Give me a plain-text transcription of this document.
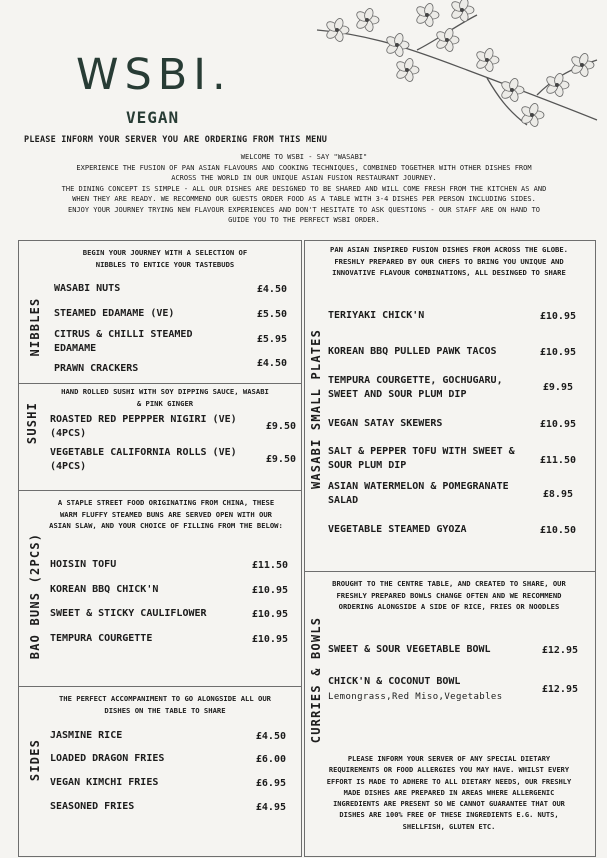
WSBI.
VEGAN
PLEASE INFORM YOUR SERVER YOU ARE ORDERING FROM THIS MENU
WELCOME TO WSBI - SAY "WASABI"
EXPERIENCE THE FUSION OF PAN ASIAN FLAVOURS AND COOKING TECHNIQUES, COMBINED TOGETHER WITH OTHER DISHES FROM
ACROSS THE WORLD IN OUR UNIQUE ASIAN FUSION RESTAURANT JOURNEY.
THE DINING CONCEPT IS SIMPLE - ALL OUR DISHES ARE DESIGNED TO BE SHARED AND WILL COME FRESH FROM THE KITCHEN AS AND
WHEN THEY ARE READY. WE RECOMMEND OUR GUESTS ORDER FOOD AS A TABLE WITH 3-4 DISHES PER PERSON INCLUDING SIDES.
ENJOY YOUR JOURNEY TRYING NEW FLAVOUR EXPERIENCES AND DON'T HESITATE TO ASK QUESTIONS - OUR STAFF ARE ON HAND TO
GUIDE YOU TO THE PERFECT WSBI ORDER.
NIBBLES
SUSHI
BAO BUNS (2PCS)
SIDES
WASABI SMALL PLATES
CURRIES & BOWLS
BEGIN YOUR JOURNEY WITH A SELECTION OF
NIBBLES TO ENTICE YOUR TASTEBUDS
HAND ROLLED SUSHI WITH SOY DIPPING SAUCE, WASABI
& PINK GINGER
A STAPLE STREET FOOD ORIGINATING FROM CHINA, THESE
WARM FLUFFY STEAMED BUNS ARE SERVED OPEN WITH OUR
ASIAN SLAW, AND YOUR CHOICE OF FILLING FROM THE BELOW:
THE PERFECT ACCOMPANIMENT TO GO ALONGSIDE ALL OUR
DISHES ON THE TABLE TO SHARE
PAN ASIAN INSPIRED FUSION DISHES FROM ACROSS THE GLOBE.
FRESHLY PREPARED BY OUR CHEFS TO BRING YOU UNIQUE AND
INNOVATIVE FLAVOUR COMBINATIONS, ALL DESINGED TO SHARE
BROUGHT TO THE CENTRE TABLE, AND CREATED TO SHARE, OUR
FRESHLY PREPARED BOWLS CHANGE OFTEN AND WE RECOMMEND
ORDERING ALONGSIDE A SIDE OF RICE, FRIES OR NOODLES
WASABI NUTS	£4.50
STEAMED EDAMAME (VE)	£5.50
CITRUS & CHILLI STEAMED
EDAMAME
£5.95
PRAWN CRACKERS	£4.50
ROASTED RED PEPPPER NIGIRI (VE)
(4PCS)
£9.50
VEGETABLE CALIFORNIA ROLLS (VE)
(4PCS)
£9.50
HOISIN TOFU	£11.50
KOREAN BBQ CHICK'N	£10.95
SWEET & STICKY CAULIFLOWER	£10.95
TEMPURA COURGETTE	£10.95
JASMINE RICE	£4.50
LOADED DRAGON FRIES	£6.00
VEGAN KIMCHI FRIES	£6.95
SEASONED FRIES	£4.95
TERIYAKI CHICK'N	£10.95
KOREAN BBQ PULLED PAWK TACOS	£10.95
TEMPURA COURGETTE, GOCHUGARU,
SWEET AND SOUR PLUM DIP
£9.95
VEGAN SATAY SKEWERS	£10.95
SALT & PEPPER TOFU WITH SWEET &
SOUR PLUM DIP	£11.50
ASIAN WATERMELON & POMEGRANATE
SALAD
£8.95
VEGETABLE STEAMED GYOZA	£10.50
SWEET & SOUR VEGETABLE BOWL	£12.95
CHICK'N & COCONUT BOWL
Lemongrass,Red Miso,Vegetables
£12.95
PLEASE INFORM YOUR SERVER OF ANY SPECIAL DIETARY
REQUIREMENTS OR FOOD ALLERGIES YOU MAY HAVE. WHILST EVERY
EFFORT IS MADE TO ADHERE TO ALL DIETARY NEEDS, OUR FRESHLY
MADE DISHES ARE PREPARED IN AREAS WHERE ALLERGENIC
INGREDIENTS ARE PRESENT SO WE CANNOT GUARANTEE THAT OUR
DISHES ARE 100% FREE OF THESE INGREDIENTS E.G. NUTS,
SHELLFISH, GLUTEN ETC.
